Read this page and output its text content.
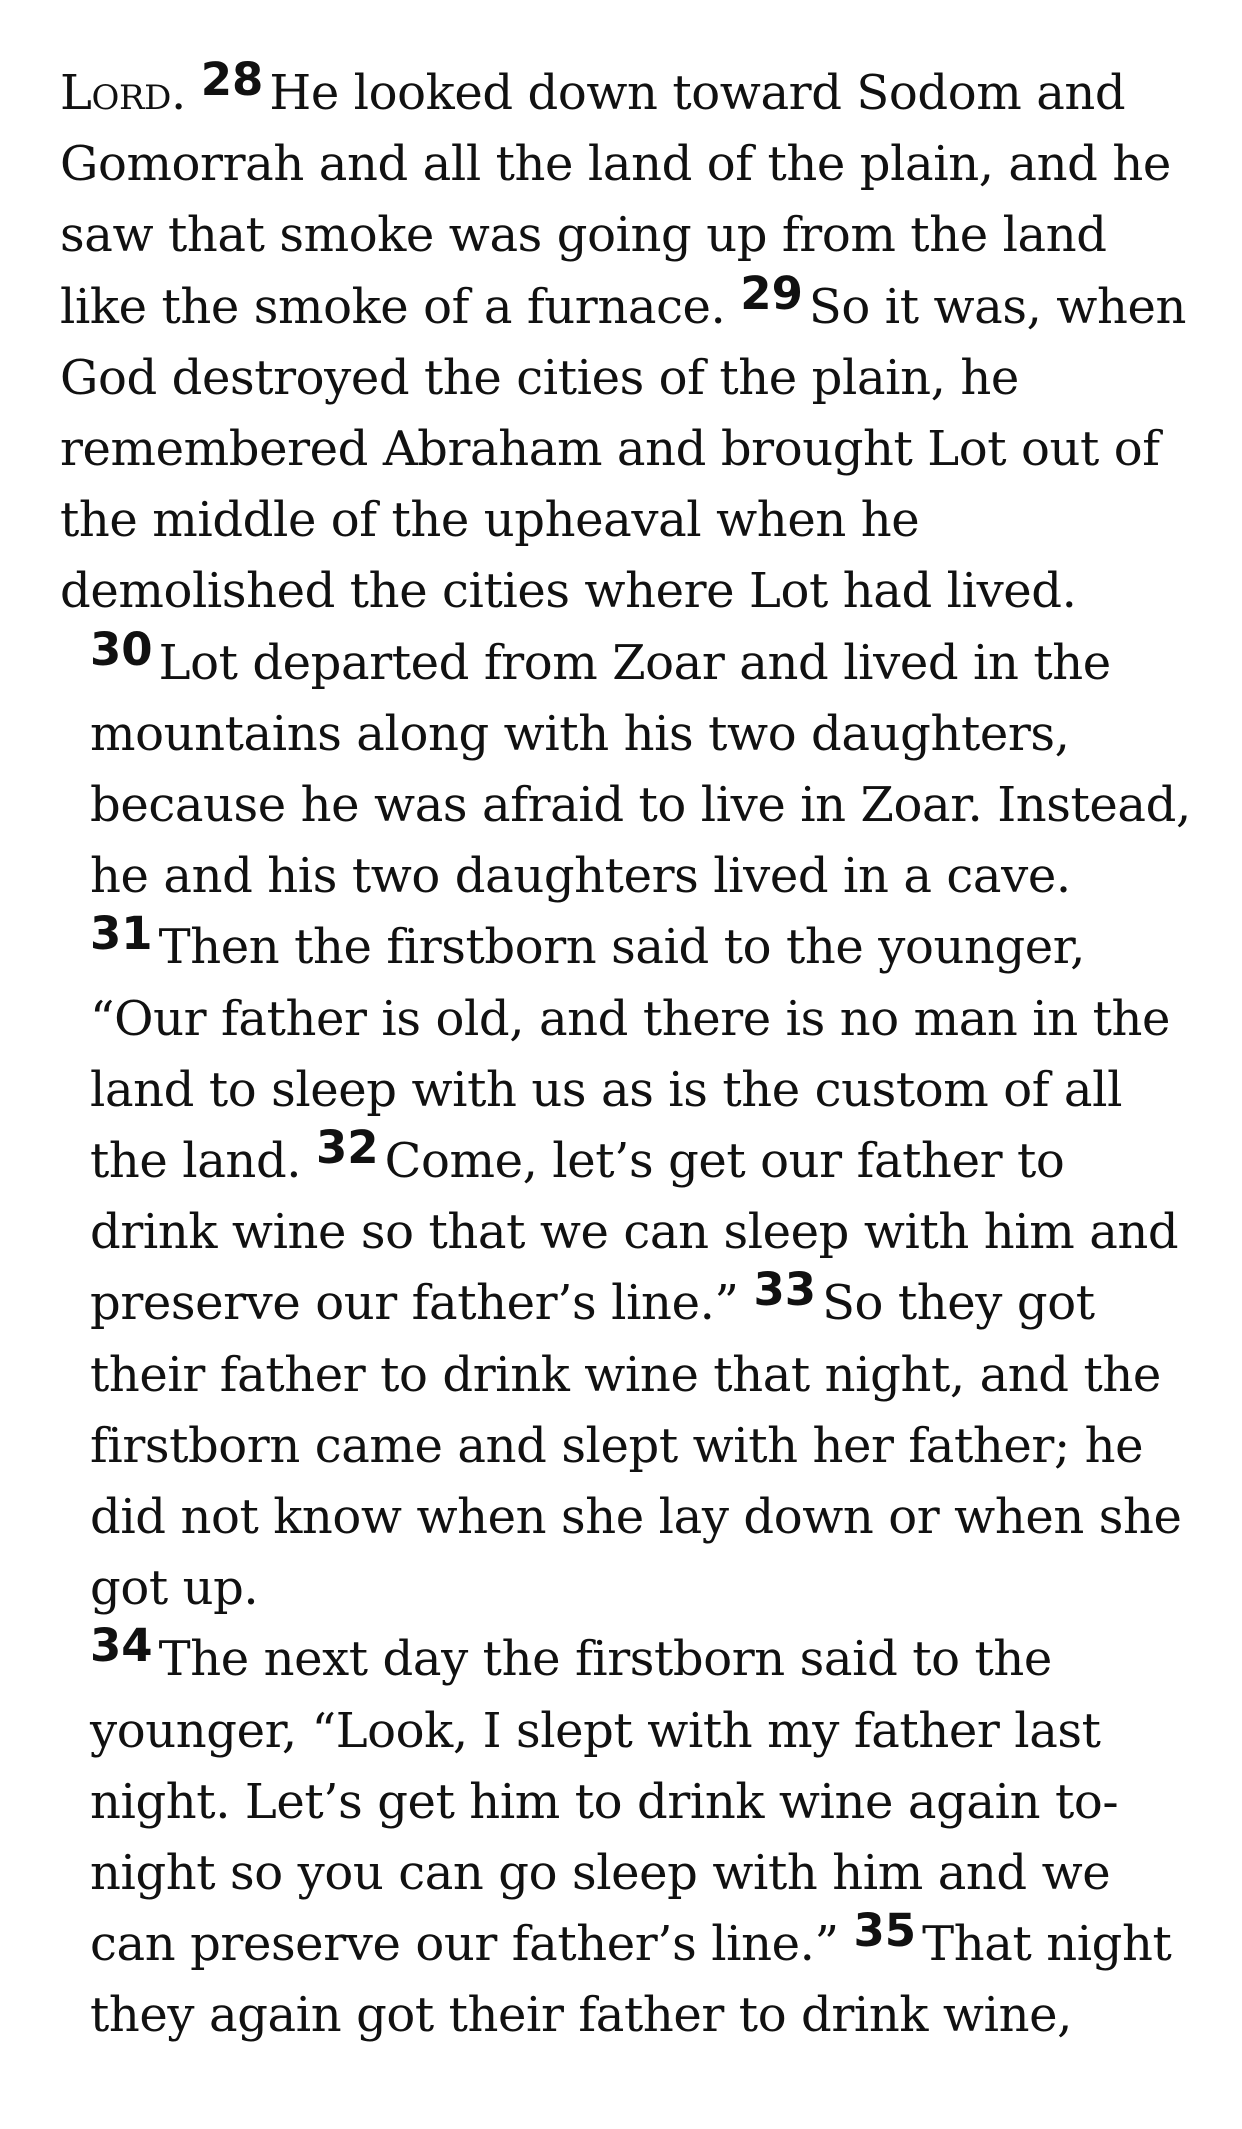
Lord. 28 He looked down toward Sodom and Gomorrah and all the land of the plain, and he saw that smoke was going up from the land like the smoke of a furnace. 29 So it was, when God destroyed the cities of the plain, he remembered Abraham and brought Lot out of the middle of the upheaval when he demolished the cities where Lot had lived.

30 Lot departed from Zoar and lived in the mountains along with his two daughters, because he was afraid to live in Zoar. Instead, he and his two daughters lived in a cave. 31 Then the firstborn said to the younger, “Our father is old, and there is no man in the land to sleep with us as is the custom of all the land. 32 Come, let’s get our father to drink wine so that we can sleep with him and preserve our father’s line.” 33 So they got their father to drink wine that night, and the firstborn came and slept with her father; he did not know when she lay down or when she got up.

34 The next day the firstborn said to the younger, “Look, I slept with my father last night. Let’s get him to drink wine again tonight so you can go sleep with him and we can preserve our father’s line.” 35 That night they again got their father to drink wine,
